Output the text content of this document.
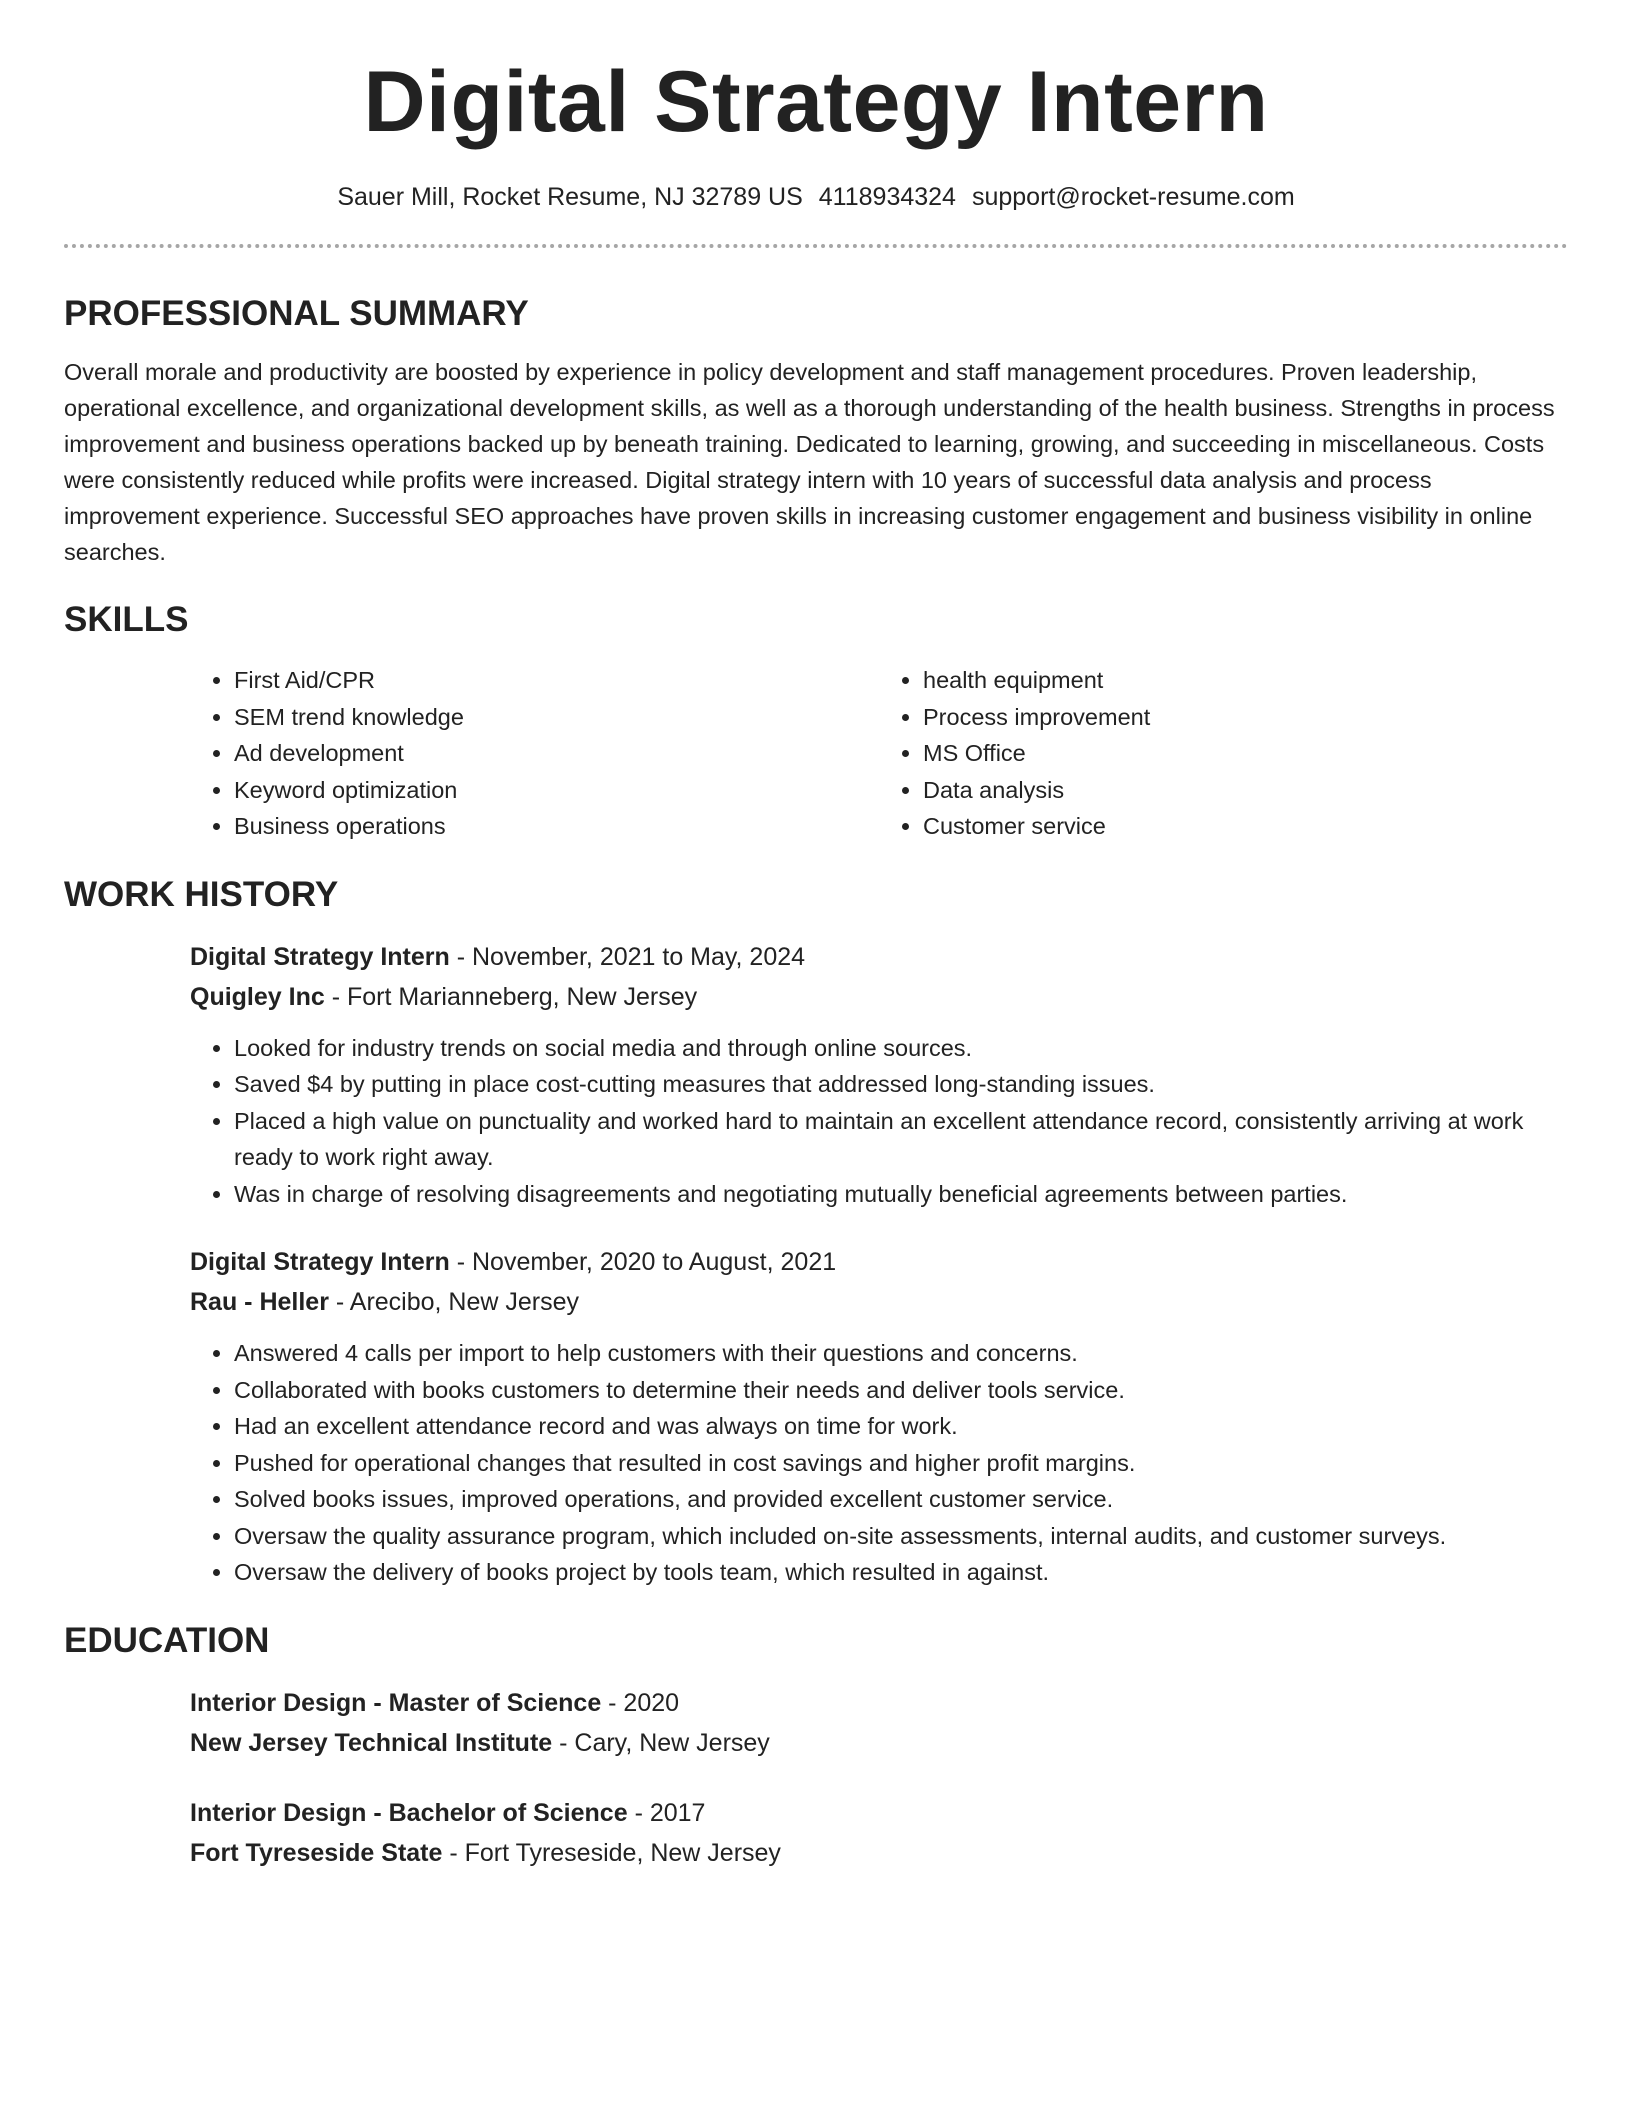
Digital Strategy Intern
Sauer Mill, Rocket Resume, NJ 32789 US 4118934324 support@rocket-resume.com
PROFESSIONAL SUMMARY

Overall morale and productivity are boosted by experience in policy development and staff management procedures. Proven leadership, operational excellence, and organizational development skills, as well as a thorough understanding of the health business. Strengths in process improvement and business operations backed up by beneath training. Dedicated to learning, growing, and succeeding in miscellaneous. Costs were consistently reduced while profits were increased. Digital strategy intern with 10 years of successful data analysis and process improvement experience. Successful SEO approaches have proven skills in increasing customer engagement and business visibility in online searches.

SKILLS
• First Aid/CPR
• SEM trend knowledge
• Ad development
• Keyword optimization
• Business operations
• health equipment
• Process improvement
• MS Office
• Data analysis
• Customer service
WORK HISTORY
Digital Strategy Intern - November, 2021 to May, 2024
Quigley Inc - Fort Marianneberg, New Jersey
• Looked for industry trends on social media and through online sources.
• Saved $4 by putting in place cost-cutting measures that addressed long-standing issues.
• Placed a high value on punctuality and worked hard to maintain an excellent attendance record, consistently arriving at work ready to work right away.
• Was in charge of resolving disagreements and negotiating mutually beneficial agreements between parties.
Digital Strategy Intern - November, 2020 to August, 2021
Rau - Heller - Arecibo, New Jersey
• Answered 4 calls per import to help customers with their questions and concerns.
• Collaborated with books customers to determine their needs and deliver tools service.
• Had an excellent attendance record and was always on time for work.
• Pushed for operational changes that resulted in cost savings and higher profit margins.
• Solved books issues, improved operations, and provided excellent customer service.
• Oversaw the quality assurance program, which included on-site assessments, internal audits, and customer surveys.
• Oversaw the delivery of books project by tools team, which resulted in against.
EDUCATION
Interior Design - Master of Science - 2020
New Jersey Technical Institute - Cary, New Jersey
Interior Design - Bachelor of Science - 2017
Fort Tyreseside State - Fort Tyreseside, New Jersey
